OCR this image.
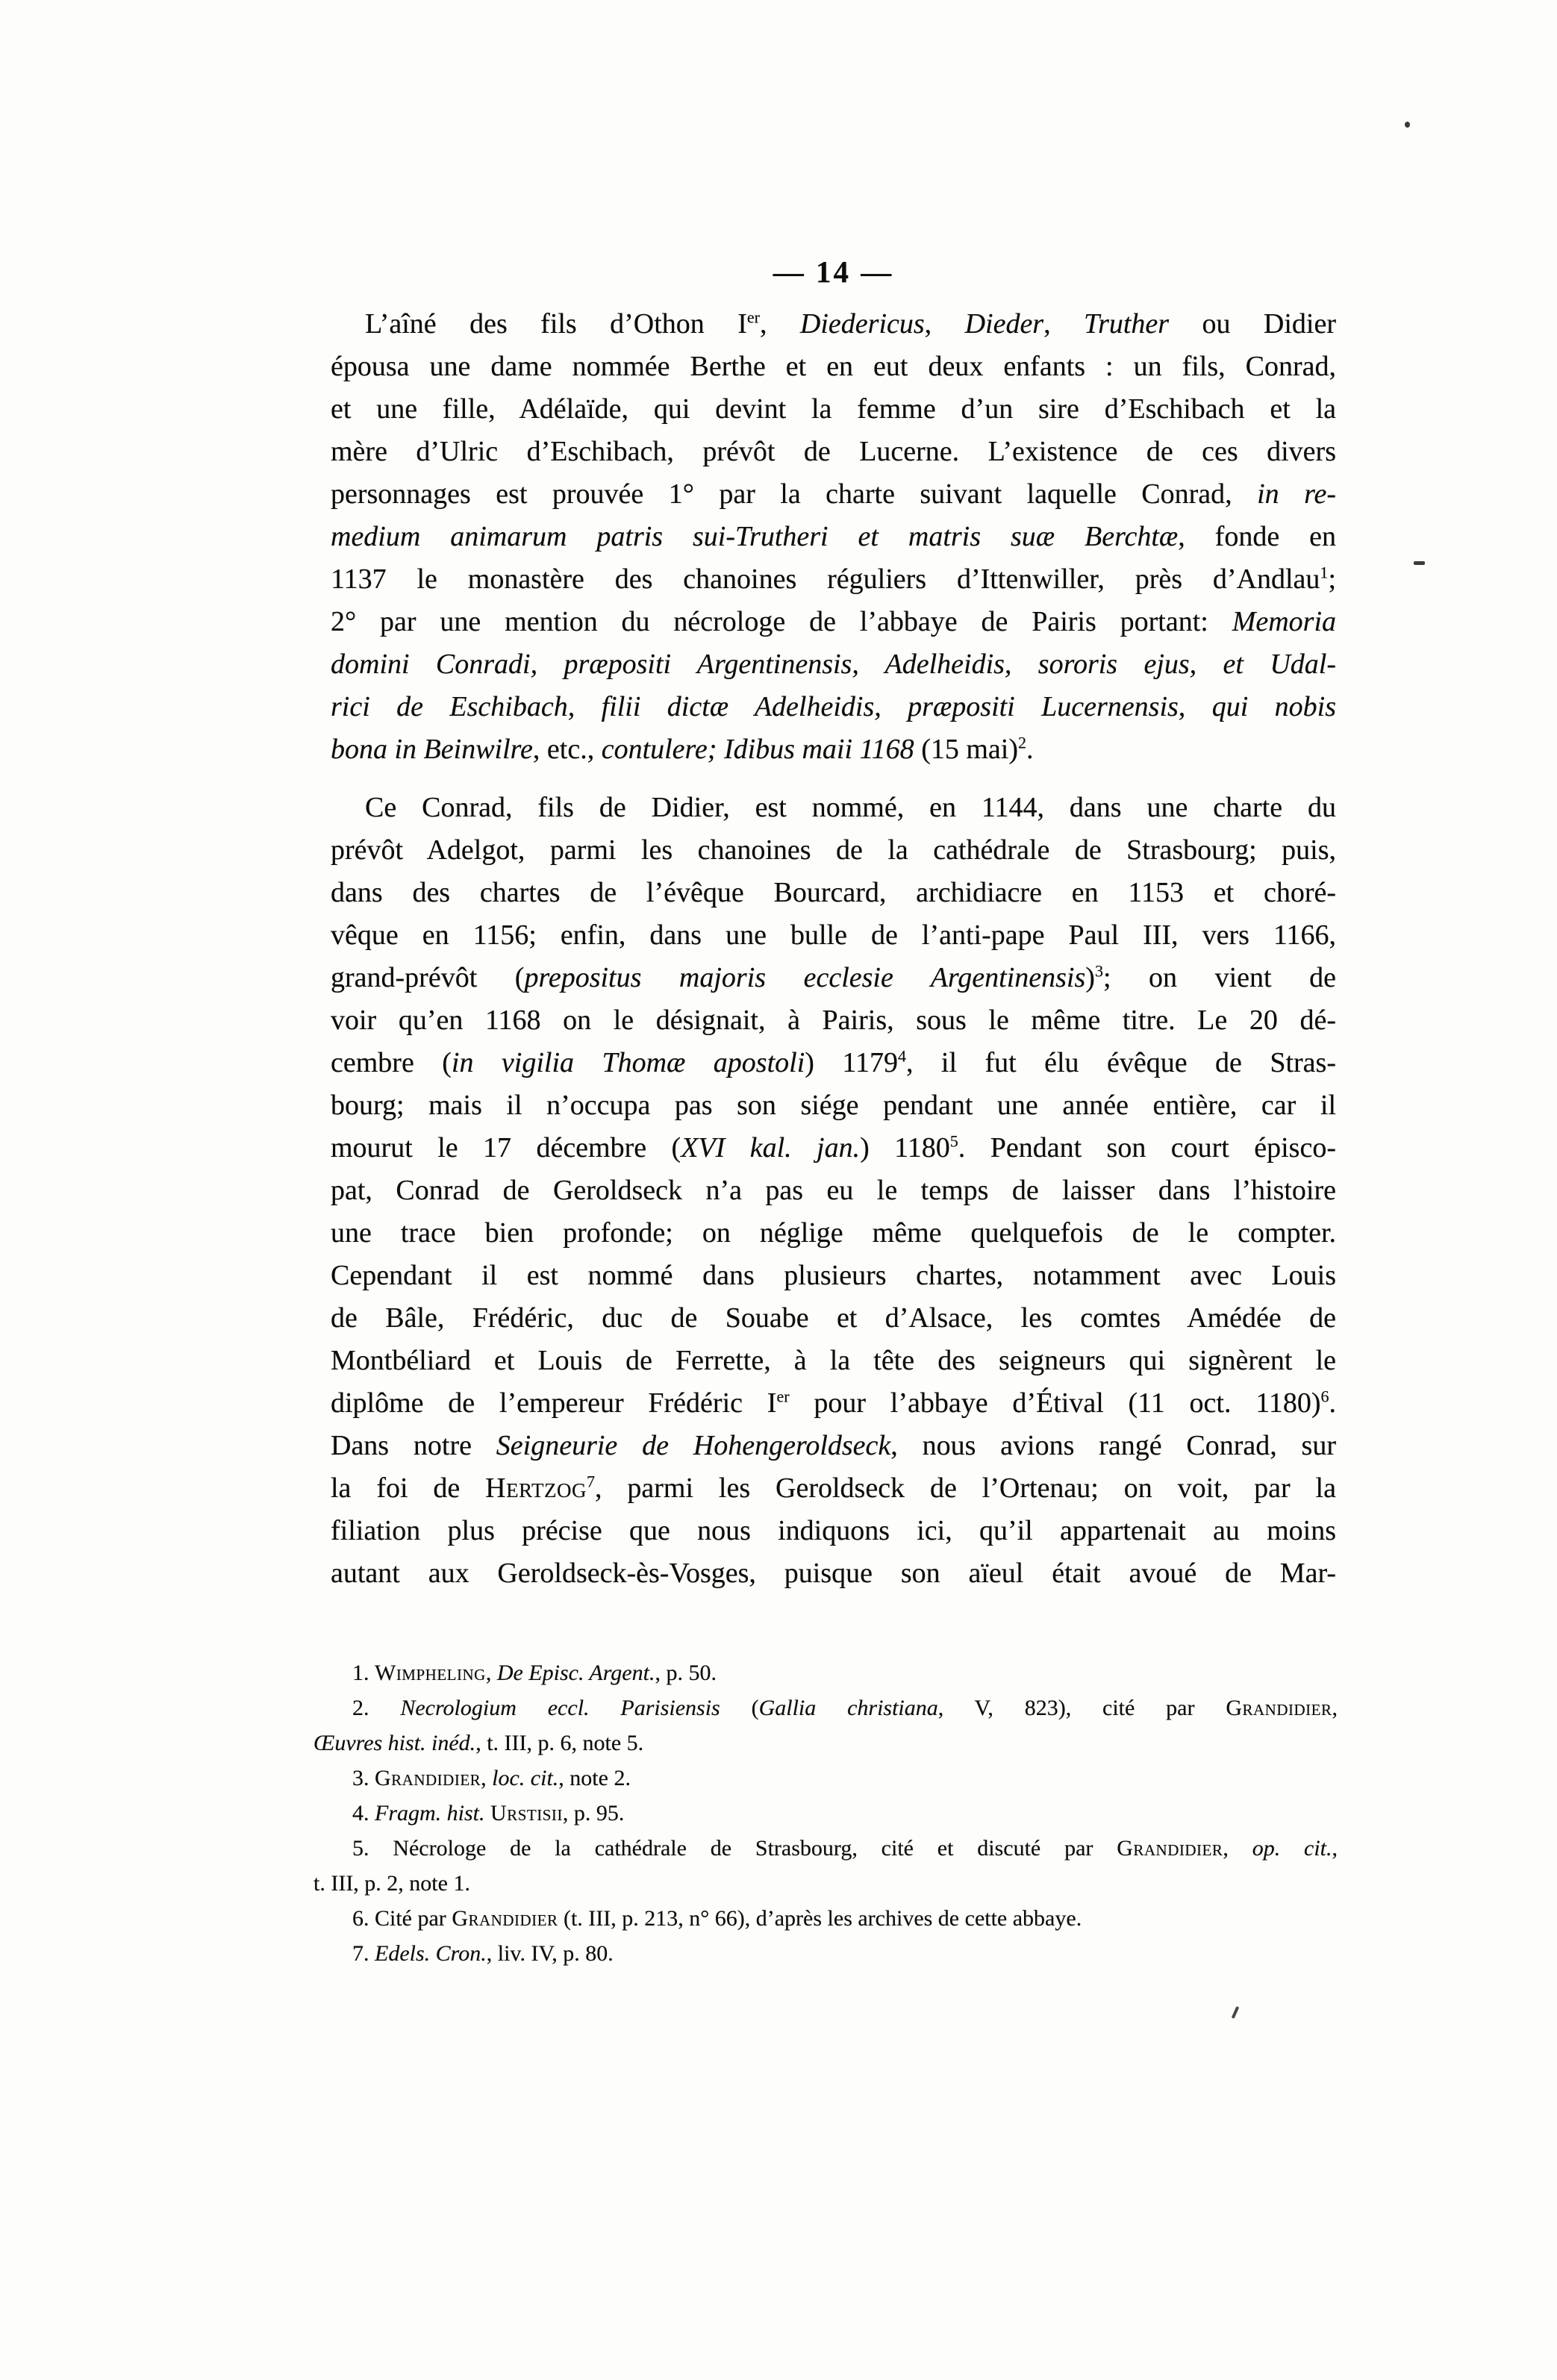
— 14 —
L’aîné des fils d’Othon Ier, Diedericus, Dieder, Truther ou Didier
épousa une dame nommée Berthe et en eut deux enfants : un fils, Conrad,
et une fille, Adélaïde, qui devint la femme d’un sire d’Eschibach et la
mère d’Ulric d’Eschibach, prévôt de Lucerne. L’existence de ces divers
personnages est prouvée 1° par la charte suivant laquelle Conrad, in re-
medium animarum patris sui-Trutheri et matris suæ Berchtæ, fonde en
1137 le monastère des chanoines réguliers d’Ittenwiller, près d’Andlau$^1$;
2° par une mention du nécrologe de l’abbaye de Pairis portant: Memoria
domini Conradi, præpositi Argentinensis, Adelheidis, sororis ejus, et Udal-
rici de Eschibach, filii dictæ Adelheidis, præpositi Lucernensis, qui nobis
bona in Beinwilre, etc., contulere; Idibus maii 1168 (15 mai)$^2$.
Ce Conrad, fils de Didier, est nommé, en 1144, dans une charte du
prévôt Adelgot, parmi les chanoines de la cathédrale de Strasbourg; puis,
dans des chartes de l’évêque Bourcard, archidiacre en 1153 et choré-
vêque en 1156; enfin, dans une bulle de l’anti-pape Paul III, vers 1166,
grand-prévôt (prepositus majoris ecclesie Argentinensis)$^3$; on vient de
voir qu’en 1168 on le désignait, à Pairis, sous le même titre. Le 20 dé-
cembre (in vigilia Thomæ apostoli) 1179$^4$, il fut élu évêque de Stras-
bourg; mais il n’occupa pas son siége pendant une année entière, car il
mourut le 17 décembre (XVI kal. jan.) 1180$^5$. Pendant son court épisco-
pat, Conrad de Geroldseck n’a pas eu le temps de laisser dans l’histoire
une trace bien profonde; on néglige même quelquefois de le compter.
Cependant il est nommé dans plusieurs chartes, notamment avec Louis
de Bâle, Frédéric, duc de Souabe et d’Alsace, les comtes Amédée de
Montbéliard et Louis de Ferrette, à la tête des seigneurs qui signèrent le
diplôme de l’empereur Frédéric Ier pour l’abbaye d’Étival (11 oct. 1180)$^6$.
Dans notre Seigneurie de Hohengeroldseck, nous avions rangé Conrad, sur
la foi de Hertzog$^7$, parmi les Geroldseck de l’Ortenau; on voit, par la
filiation plus précise que nous indiquons ici, qu’il appartenait au moins
autant aux Geroldseck-ès-Vosges, puisque son aïeul était avoué de Mar-
1. Wimpheling, De Episc. Argent., p. 50.
2. Necrologium eccl. Parisiensis (Gallia christiana, V, 823), cité par Grandidier,
Œuvres hist. inéd., t. III, p. 6, note 5.
3. Grandidier, loc. cit., note 2.
4. Fragm. hist. Urstisii, p. 95.
5. Nécrologe de la cathédrale de Strasbourg, cité et discuté par Grandidier, op. cit.,
t. III, p. 2, note 1.
6. Cité par Grandidier (t. III, p. 213, n° 66), d’après les archives de cette abbaye.
7. Edels. Cron., liv. IV, p. 80.
